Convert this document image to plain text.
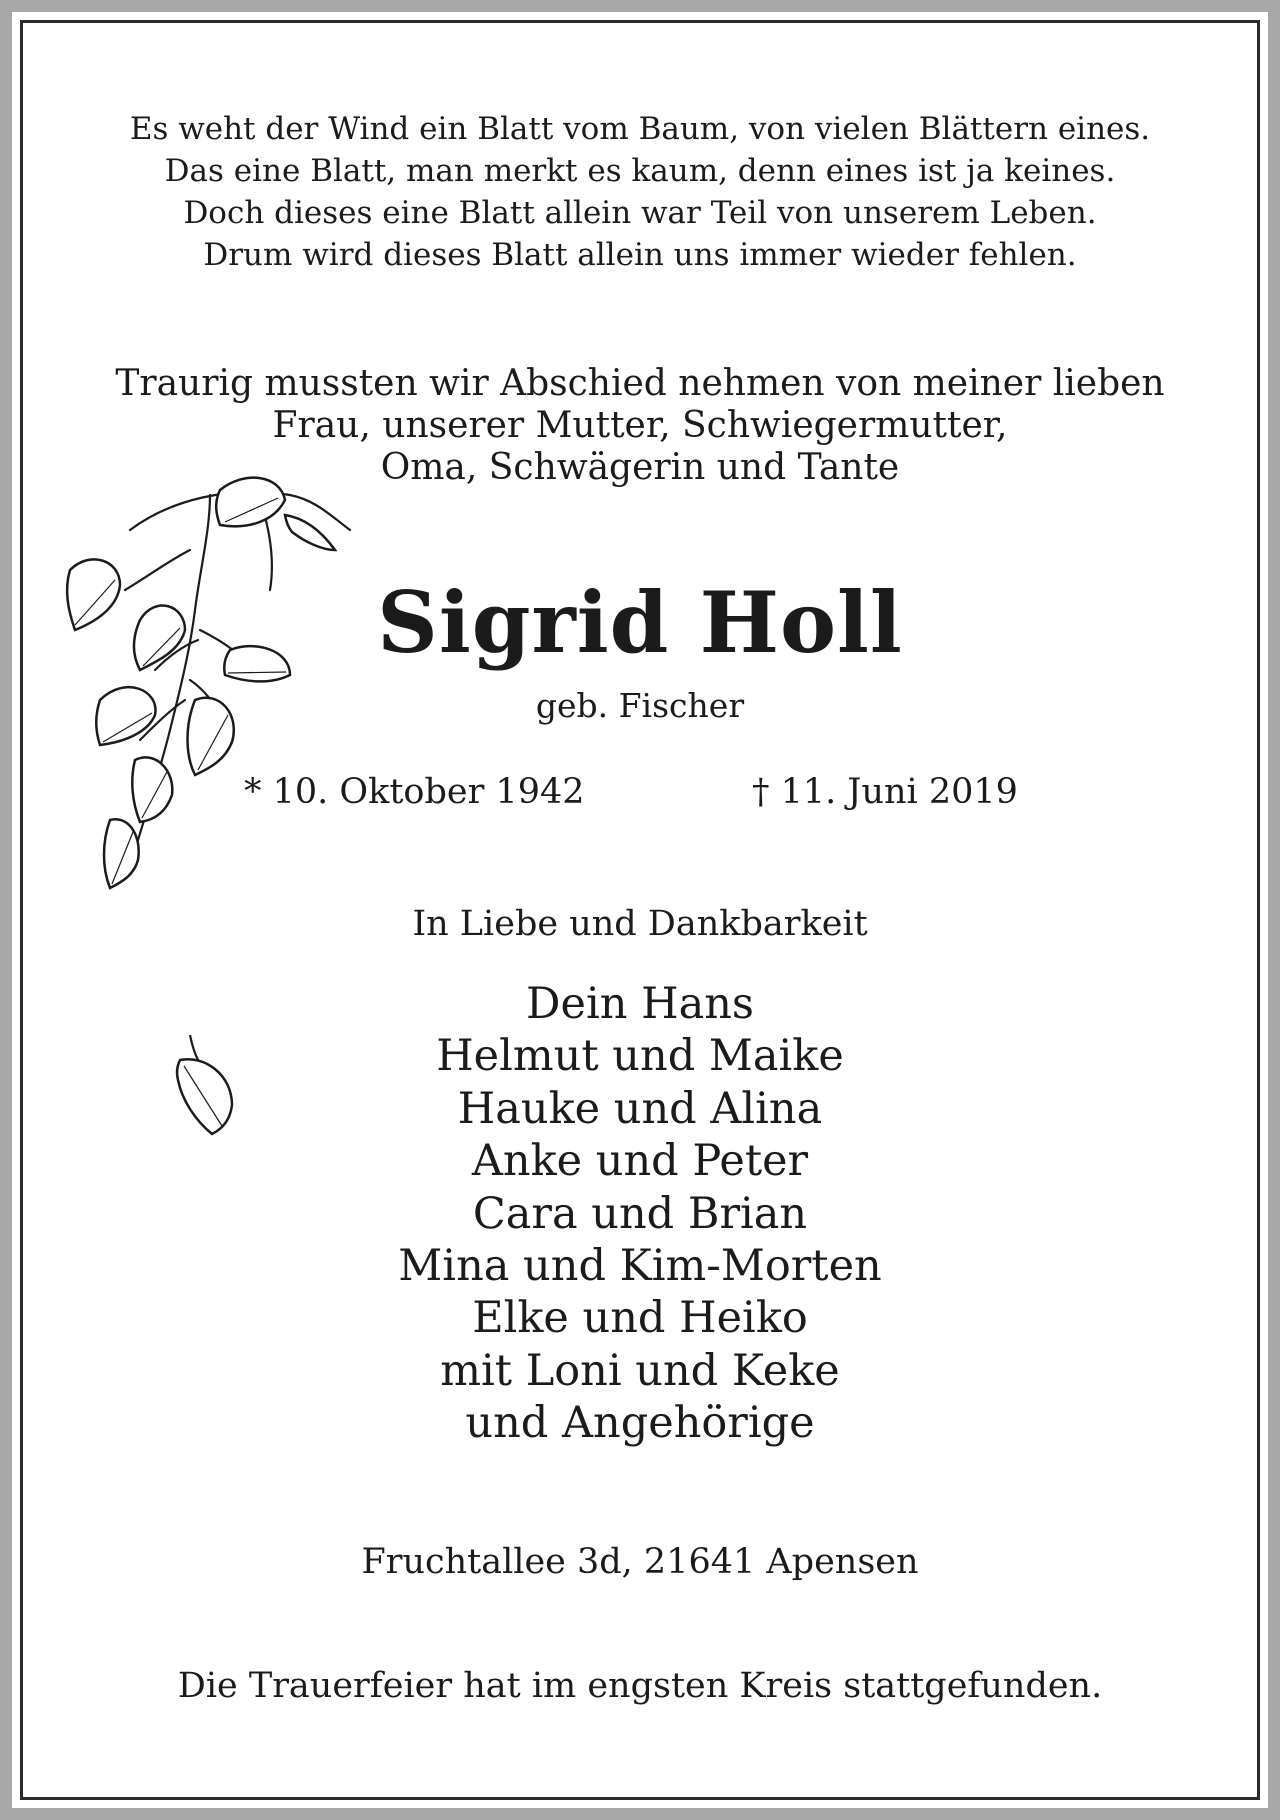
Es weht der Wind ein Blatt vom Baum, von vielen Blättern eines.
Das eine Blatt, man merkt es kaum, denn eines ist ja keines.
Doch dieses eine Blatt allein war Teil von unserem Leben.
Drum wird dieses Blatt allein uns immer wieder fehlen.
Traurig mussten wir Abschied nehmen von meiner lieben
Frau, unserer Mutter, Schwiegermutter,
Oma, Schwägerin und Tante
Sigrid Holl
geb. Fischer
* 10. Oktober 1942	† 11. Juni 2019
In Liebe und Dankbarkeit
Dein Hans
Helmut und Maike
Hauke und Alina
Anke und Peter
Cara und Brian
Mina und Kim-Morten
Elke und Heiko
mit Loni und Keke
und Angehörige
Fruchtallee 3d, 21641 Apensen
Die Trauerfeier hat im engsten Kreis stattgefunden.
